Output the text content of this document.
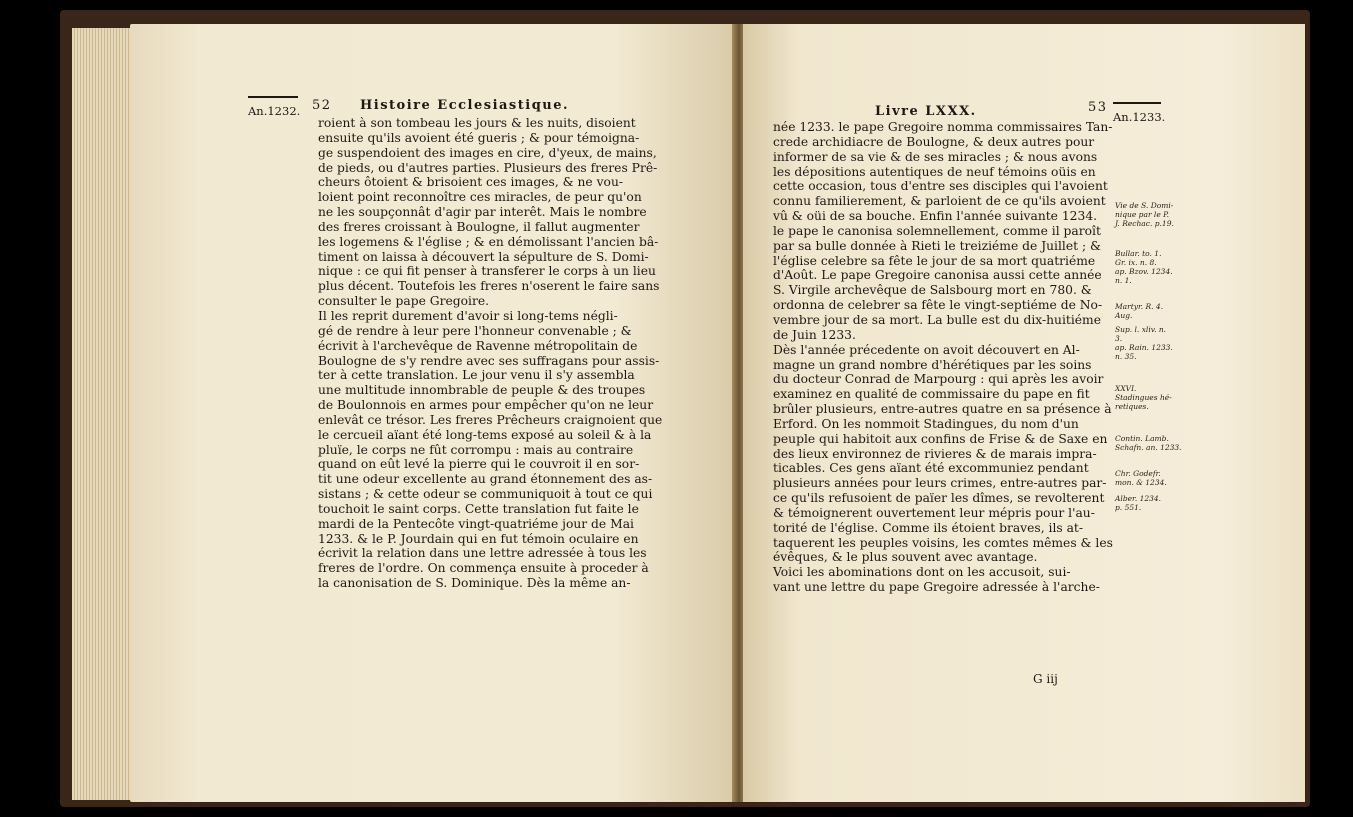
An.1232. 52 Histoire Ecclesiastique.
roient à son tombeau les jours & les nuits, disoient
ensuite qu'ils avoient été gueris ; & pour témoigna-
ge suspendoient des images en cire, d'yeux, de mains,
de pieds, ou d'autres parties. Plusieurs des freres Prê-
cheurs ôtoient & brisoient ces images, & ne vou-
loient point reconnoître ces miracles, de peur qu'on
ne les soupçonnât d'agir par interêt. Mais le nombre
des freres croissant à Boulogne, il fallut augmenter
les logemens & l'église ; & en démolissant l'ancien bâ-
timent on laissa à découvert la sépulture de S. Domi-
nique : ce qui fit penser à transferer le corps à un lieu
plus décent. Toutefois les freres n'oserent le faire sans
consulter le pape Gregoire.
Il les reprit durement d'avoir si long-tems négli-
gé de rendre à leur pere l'honneur convenable ; &
écrivit à l'archevêque de Ravenne métropolitain de
Boulogne de s'y rendre avec ses suffragans pour assis-
ter à cette translation. Le jour venu il s'y assembla
une multitude innombrable de peuple & des troupes
de Boulonnois en armes pour empêcher qu'on ne leur
enlevât ce trésor. Les freres Prêcheurs craignoient que
le cercueil aïant été long-tems exposé au soleil & à la
pluïe, le corps ne fût corrompu : mais au contraire
quand on eût levé la pierre qui le couvroit il en sor-
tit une odeur excellente au grand étonnement des as-
sistans ; & cette odeur se communiquoit à tout ce qui
touchoit le saint corps. Cette translation fut faite le
mardi de la Pentecôte vingt-quatriéme jour de Mai
1233. & le P. Jourdain qui en fut témoin oculaire en
écrivit la relation dans une lettre adressée à tous les
freres de l'ordre. On commença ensuite à proceder à
la canonisation de S. Dominique. Dès la même an-
Livre LXXX.	53
An.1233.
née 1233. le pape Gregoire nomma commissaires Tan-
crede archidiacre de Boulogne, & deux autres pour
informer de sa vie & de ses miracles ; & nous avons
les dépositions autentiques de neuf témoins oüis en
cette occasion, tous d'entre ses disciples qui l'avoient
connu familierement, & parloient de ce qu'ils avoient
vû & oüi de sa bouche. Enfin l'année suivante 1234.
le pape le canonisa solemnellement, comme il paroît
par sa bulle donnée à Rieti le treiziéme de Juillet ; &
l'église celebre sa fête le jour de sa mort quatriéme
d'Août. Le pape Gregoire canonisa aussi cette année
S. Virgile archevêque de Salsbourg mort en 780. &
ordonna de celebrer sa fête le vingt-septiéme de No-
vembre jour de sa mort. La bulle est du dix-huitiéme
de Juin 1233.
Dès l'année précedente on avoit découvert en Al-
magne un grand nombre d'hérétiques par les soins
du docteur Conrad de Marpourg : qui après les avoir
examinez en qualité de commissaire du pape en fit
brûler plusieurs, entre-autres quatre en sa présence à
Erford. On les nommoit Stadingues, du nom d'un
peuple qui habitoit aux confins de Frise & de Saxe en
des lieux environnez de rivieres & de marais impra-
ticables. Ces gens aïant été excommuniez pendant
plusieurs années pour leurs crimes, entre-autres par-
ce qu'ils refusoient de païer les dîmes, se revolterent
& témoignerent ouvertement leur mépris pour l'au-
torité de l'église. Comme ils étoient braves, ils at-
taquerent les peuples voisins, les comtes mêmes & les
évêques, & le plus souvent avec avantage.
Voici les abominations dont on les accusoit, sui-
vant une lettre du pape Gregoire adressée à l'arche-
G iij
Vie de S. Domi-
nique par le P.
J. Rechac. p.19.
Bullar. to. 1.
Gr. ix. n. 8.
ap. Bzov. 1234.
n. 1.
Martyr. R. 4.
Aug.
Sup. l. xliv. n.
3.
ap. Rain. 1233.
n. 35.
XXVI.
Stadingues hé-
retiques.
Contin. Lamb.
Schafn. an. 1233.
Chr. Godefr.
mon. & 1234.
Alber. 1234.
p. 551.
